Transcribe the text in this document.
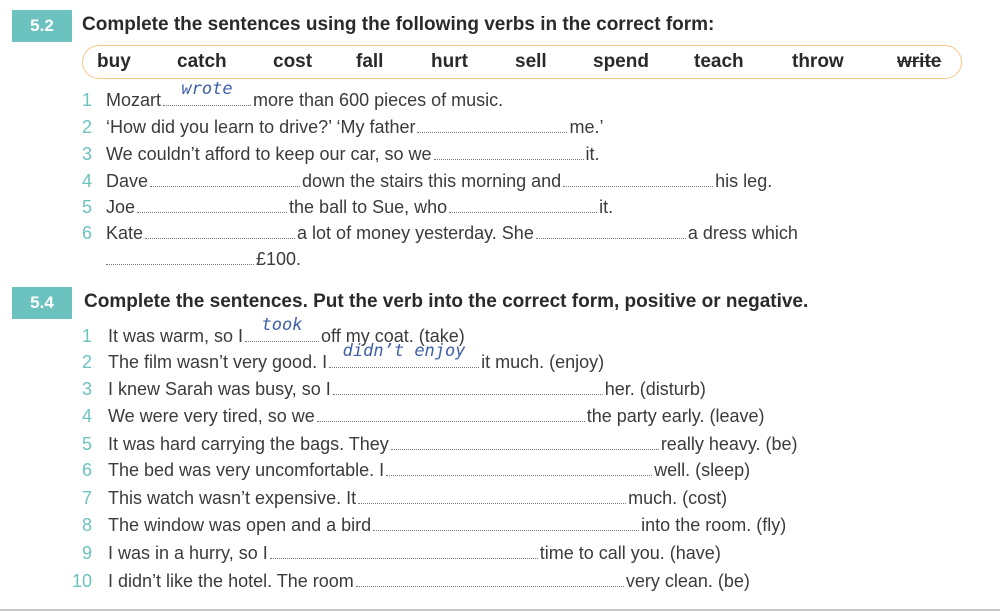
5.2	Complete the sentences using the following verbs in the correct form:
buy catch cost fall	hurt sell spend teach	throw	write
1 Mozart
wrote
more than 600 pieces of music.
2 ‘How did you learn to drive?’ ‘My father	me.’
3 We couldn’t afford to keep our car, so we	it.
4 Dave	down the stairs this morning and	his leg.
5 Joe	the ball to Sue, who	it.
6 Kate	a lot of money yesterday. She	a dress which
£100.
5.4	Complete the sentences. Put the verb into the correct form, positive or negative.
1 It was warm, so I
took
off my coat. (take)
2 The film wasn’t very good. I
didn’t enjoy
it much. (enjoy)
3 I knew Sarah was busy, so I	her. (disturb)
4 We were very tired, so we	the party early. (leave)
5 It was hard carrying the bags. They	really heavy. (be)
6 The bed was very uncomfortable. I	well. (sleep)
7 This watch wasn’t expensive. It	much. (cost)
8 The window was open and a bird	into the room. (fly)
9 I was in a hurry, so I	time to call you. (have)
10 I didn’t like the hotel. The room	very clean. (be)
